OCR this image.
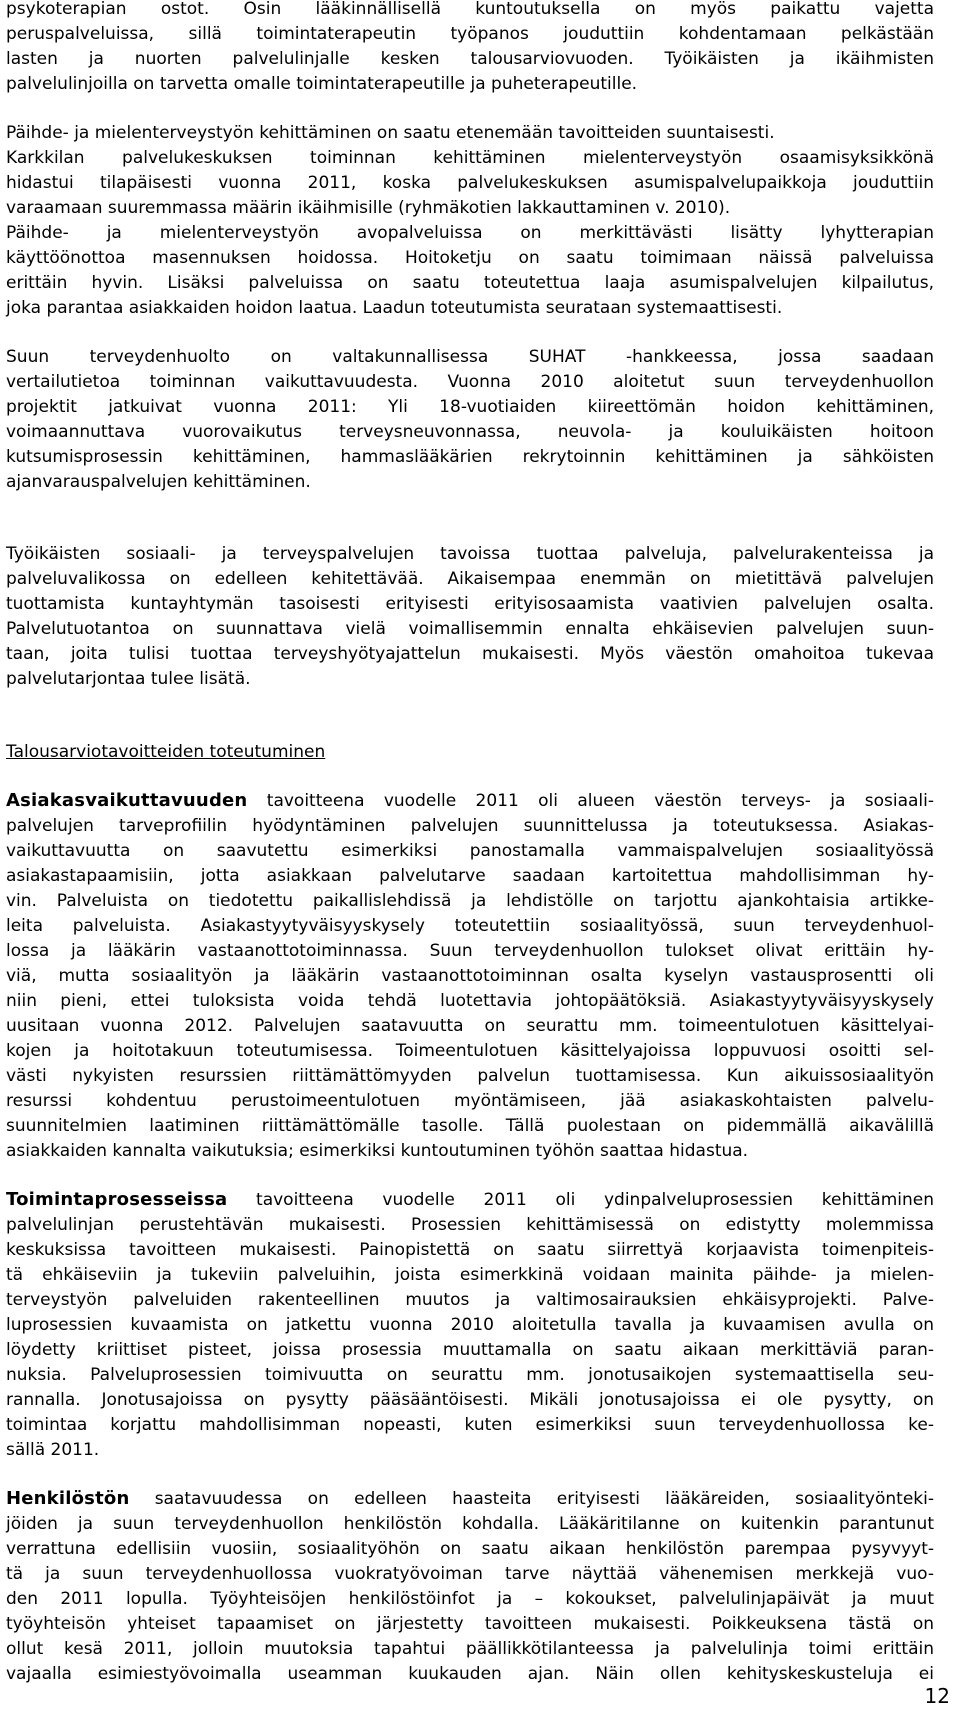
psykoterapian ostot. Osin lääkinnällisellä kuntoutuksella on myös paikattu vajetta
peruspalveluissa, sillä toimintaterapeutin työpanos jouduttiin kohdentamaan pelkästään
lasten ja nuorten palvelulinjalle kesken talousarviovuoden. Työikäisten ja ikäihmisten
palvelulinjoilla on tarvetta omalle toimintaterapeutille ja puheterapeutille.
Päihde- ja mielenterveystyön kehittäminen on saatu etenemään tavoitteiden suuntaisesti.
Karkkilan palvelukeskuksen toiminnan kehittäminen mielenterveystyön osaamisyksikkönä
hidastui tilapäisesti vuonna 2011, koska palvelukeskuksen asumispalvelupaikkoja jouduttiin
varaamaan suuremmassa määrin ikäihmisille (ryhmäkotien lakkauttaminen v. 2010).
Päihde- ja mielenterveystyön avopalveluissa on merkittävästi lisätty lyhytterapian
käyttöönottoa masennuksen hoidossa. Hoitoketju on saatu toimimaan näissä palveluissa
erittäin hyvin. Lisäksi palveluissa on saatu toteutettua laaja asumispalvelujen kilpailutus,
joka parantaa asiakkaiden hoidon laatua. Laadun toteutumista seurataan systemaattisesti.
Suun terveydenhuolto on valtakunnallisessa SUHAT -hankkeessa, jossa saadaan
vertailutietoa toiminnan vaikuttavuudesta. Vuonna 2010 aloitetut suun terveydenhuollon
projektit jatkuivat vuonna 2011: Yli 18-vuotiaiden kiireettömän hoidon kehittäminen,
voimaannuttava vuorovaikutus terveysneuvonnassa, neuvola- ja kouluikäisten hoitoon
kutsumisprosessin kehittäminen, hammaslääkärien rekrytoinnin kehittäminen ja sähköisten
ajanvarauspalvelujen kehittäminen.
Työikäisten sosiaali- ja terveyspalvelujen tavoissa tuottaa palveluja, palvelurakenteissa ja
palveluvalikossa on edelleen kehitettävää. Aikaisempaa enemmän on mietittävä palvelujen
tuottamista kuntayhtymän tasoisesti erityisesti erityisosaamista vaativien palvelujen osalta.
Palvelutuotantoa on suunnattava vielä voimallisemmin ennalta ehkäisevien palvelujen suun-
taan, joita tulisi tuottaa terveyshyötyajattelun mukaisesti. Myös väestön omahoitoa tukevaa
palvelutarjontaa tulee lisätä.
Talousarviotavoitteiden toteutuminen
Asiakasvaikuttavuuden tavoitteena vuodelle 2011 oli alueen väestön terveys- ja sosiaali-
palvelujen tarveprofiilin hyödyntäminen palvelujen suunnittelussa ja toteutuksessa. Asiakas-
vaikuttavuutta on saavutettu esimerkiksi panostamalla vammaispalvelujen sosiaalityössä
asiakastapaamisiin, jotta asiakkaan palvelutarve saadaan kartoitettua mahdollisimman hy-
vin. Palveluista on tiedotettu paikallislehdissä ja lehdistölle on tarjottu ajankohtaisia artikke-
leita palveluista. Asiakastyytyväisyyskysely toteutettiin sosiaalityössä, suun terveydenhuol-
lossa ja lääkärin vastaanottotoiminnassa. Suun terveydenhuollon tulokset olivat erittäin hy-
viä, mutta sosiaalityön ja lääkärin vastaanottotoiminnan osalta kyselyn vastausprosentti oli
niin pieni, ettei tuloksista voida tehdä luotettavia johtopäätöksiä. Asiakastyytyväisyyskysely
uusitaan vuonna 2012. Palvelujen saatavuutta on seurattu mm. toimeentulotuen käsittelyai-
kojen ja hoitotakuun toteutumisessa. Toimeentulotuen käsittelyajoissa loppuvuosi osoitti sel-
västi nykyisten resurssien riittämättömyyden palvelun tuottamisessa. Kun aikuissosiaalityön
resurssi kohdentuu perustoimeentulotuen myöntämiseen, jää asiakaskohtaisten palvelu-
suunnitelmien laatiminen riittämättömälle tasolle. Tällä puolestaan on pidemmällä aikavälillä
asiakkaiden kannalta vaikutuksia; esimerkiksi kuntoutuminen työhön saattaa hidastua.
Toimintaprosesseissa tavoitteena vuodelle 2011 oli ydinpalveluprosessien kehittäminen
palvelulinjan perustehtävän mukaisesti. Prosessien kehittämisessä on edistytty molemmissa
keskuksissa tavoitteen mukaisesti. Painopistettä on saatu siirrettyä korjaavista toimenpiteis-
tä ehkäiseviin ja tukeviin palveluihin, joista esimerkkinä voidaan mainita päihde- ja mielen-
terveystyön palveluiden rakenteellinen muutos ja valtimosairauksien ehkäisyprojekti. Palve-
luprosessien kuvaamista on jatkettu vuonna 2010 aloitetulla tavalla ja kuvaamisen avulla on
löydetty kriittiset pisteet, joissa prosessia muuttamalla on saatu aikaan merkittäviä paran-
nuksia. Palveluprosessien toimivuutta on seurattu mm. jonotusaikojen systemaattisella seu-
rannalla. Jonotusajoissa on pysytty pääsääntöisesti. Mikäli jonotusajoissa ei ole pysytty, on
toimintaa korjattu mahdollisimman nopeasti, kuten esimerkiksi suun terveydenhuollossa ke-
sällä 2011.
Henkilöstön saatavuudessa on edelleen haasteita erityisesti lääkäreiden, sosiaalityönteki-
jöiden ja suun terveydenhuollon henkilöstön kohdalla. Lääkäritilanne on kuitenkin parantunut
verrattuna edellisiin vuosiin, sosiaalityöhön on saatu aikaan henkilöstön parempaa pysyvyyt-
tä ja suun terveydenhuollossa vuokratyövoiman tarve näyttää vähenemisen merkkejä vuo-
den 2011 lopulla. Työyhteisöjen henkilöstöinfot ja – kokoukset, palvelulinjapäivät ja muut
työyhteisön yhteiset tapaamiset on järjestetty tavoitteen mukaisesti. Poikkeuksena tästä on
ollut kesä 2011, jolloin muutoksia tapahtui päällikkötilanteessa ja palvelulinja toimi erittäin
vajaalla esimiestyövoimalla useamman kuukauden ajan. Näin ollen kehityskeskusteluja ei
12
